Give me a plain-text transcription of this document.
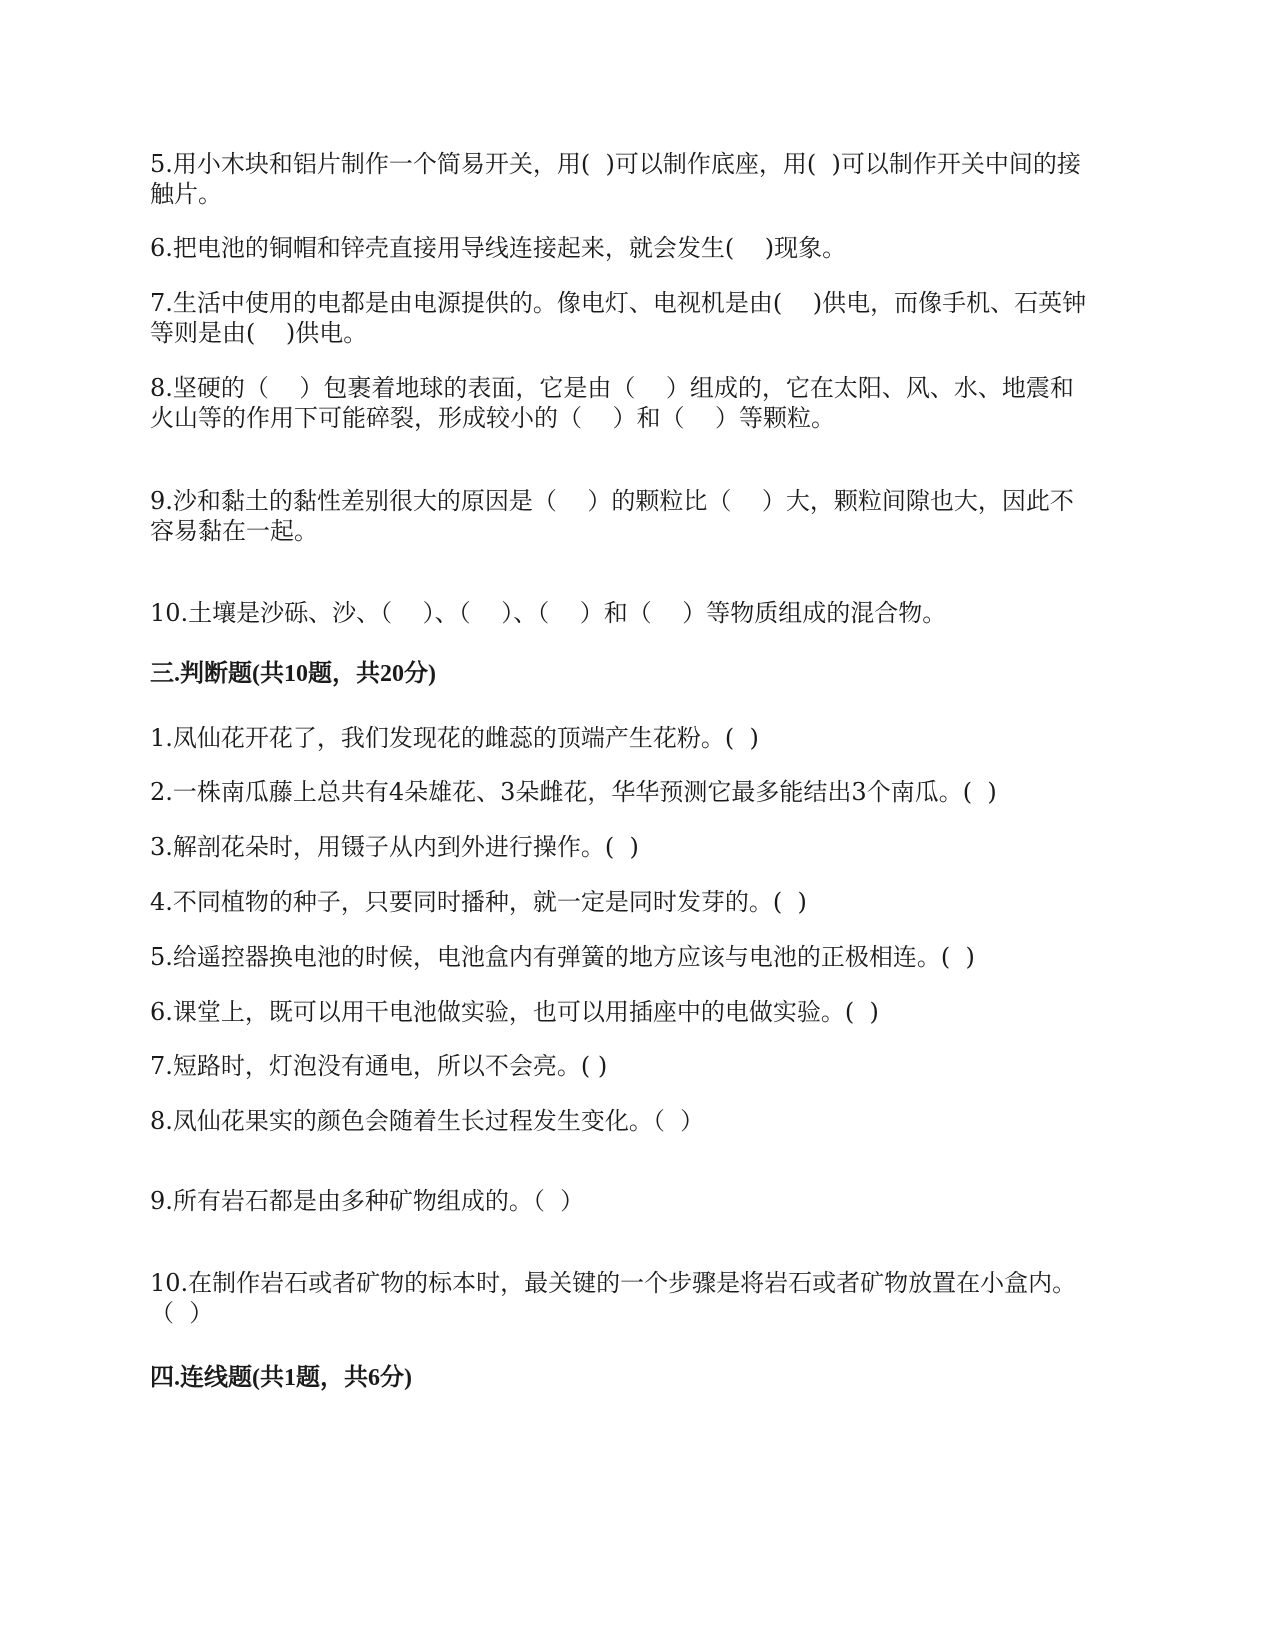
5.用小木块和铝片制作一个简易开关，用(  )可以制作底座，用(  )可以制作开关中间的接
触片。
6.把电池的铜帽和锌壳直接用导线连接起来，就会发生(    )现象。
7.生活中使用的电都是由电源提供的。像电灯、电视机是由(    )供电，而像手机、石英钟
等则是由(    )供电。
8.坚硬的（    ）包裹着地球的表面，它是由（    ）组成的，它在太阳、风、水、地震和
火山等的作用下可能碎裂，形成较小的（    ）和（    ）等颗粒。
9.沙和黏土的黏性差别很大的原因是（    ）的颗粒比（    ）大，颗粒间隙也大，因此不
容易黏在一起。
10.土壤是沙砾、沙、（    ）、（    ）、（    ）和（    ）等物质组成的混合物。
三.判断题(共10题，共20分)
1.凤仙花开花了，我们发现花的雌蕊的顶端产生花粉。(  )
2.一株南瓜藤上总共有4朵雄花、3朵雌花，华华预测它最多能结出3个南瓜。(  )
3.解剖花朵时，用镊子从内到外进行操作。(  )
4.不同植物的种子，只要同时播种，就一定是同时发芽的。(  )
5.给遥控器换电池的时候，电池盒内有弹簧的地方应该与电池的正极相连。(  )
6.课堂上，既可以用干电池做实验，也可以用插座中的电做实验。(  )
7.短路时，灯泡没有通电，所以不会亮。( )
8.凤仙花果实的颜色会随着生长过程发生变化。（  ）
9.所有岩石都是由多种矿物组成的。（  ）
10.在制作岩石或者矿物的标本时，最关键的一个步骤是将岩石或者矿物放置在小盒内。
（  ）
四.连线题(共1题，共6分)
